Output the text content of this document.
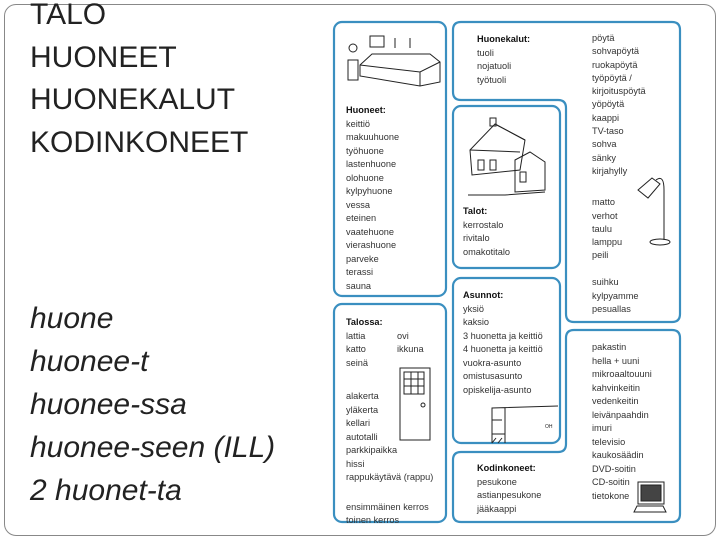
TALO
HUONEET
HUONEKALUT
KODINKONEET
huone
huonee-t
huonee-ssa
huonee-seen (ILL)
2 huonet-ta
OH
Huoneet:
keittiö
makuuhuone
työhuone
lastenhuone
olohuone
kylpyhuone
vessa
eteinen
vaatehuone
vierashuone
parveke
terassi
sauna
Huonekalut:
tuoli
nojatuoli
työtuoli
pöytä
sohvapöytä
ruokapöytä
työpöytä /
kirjoituspöytä
yöpöytä
kaappi
TV-taso
sohva
sänky
kirjahylly
matto
verhot
taulu
lamppu
peili
suihku
kylpyamme
pesuallas
Talot:
kerrostalo
rivitalo
omakotitalo
Asunnot:
yksiö
kaksio
3 huonetta ja keittiö
4 huonetta ja keittiö
vuokra-asunto
omistusasunto
opiskelija-asunto
Talossa:
lattia
katto
seinä
alakerta
yläkerta
kellari
autotalli
parkkipaikka
hissi
rappukäytävä (rappu)
ensimmäinen kerros
toinen kerros
ovi
ikkuna
Kodinkoneet:
pesukone
astianpesukone
jääkaappi
pakastin
hella + uuni
mikroaaltouuni
kahvinkeitin
vedenkeitin
leivänpaahdin
imuri
televisio
kaukosäädin
DVD-soitin
CD-soitin
tietokone
